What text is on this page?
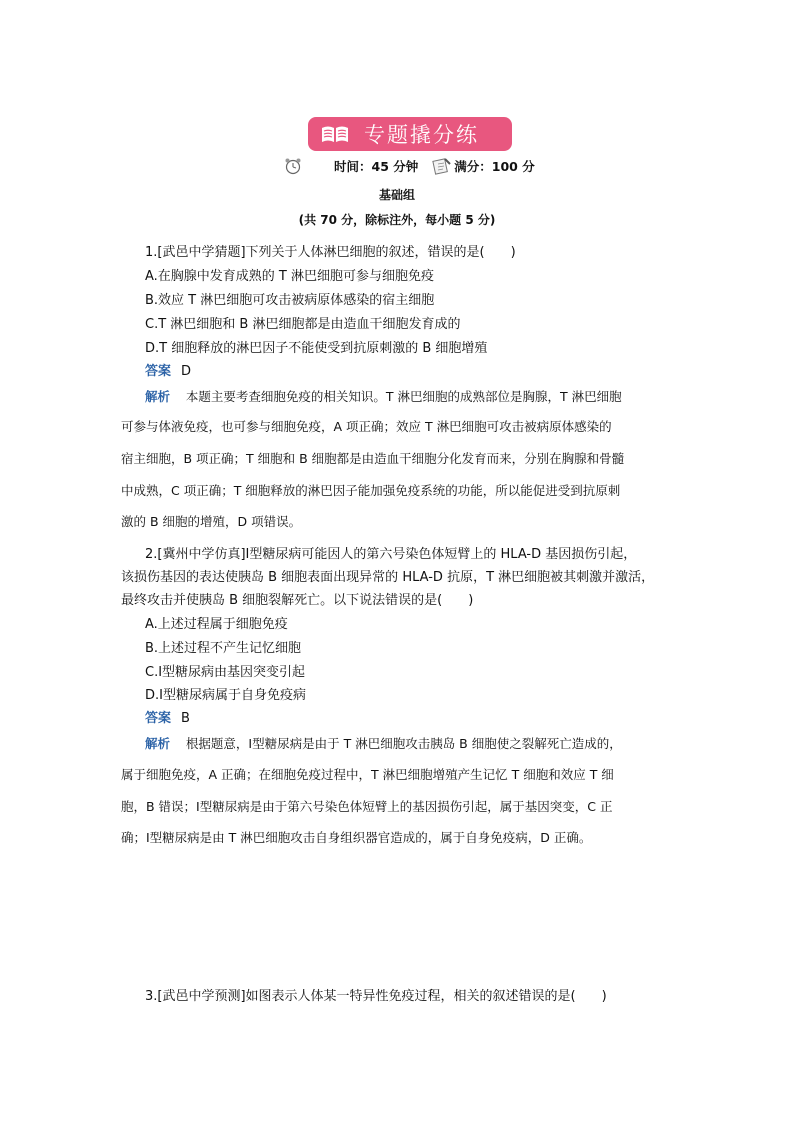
专题撬分练
时间：45 分钟	满分：100 分
基础组
(共 70 分，除标注外，每小题 5 分)
1.[武邑中学猜题]下列关于人体淋巴细胞的叙述，错误的是(　　)
A.在胸腺中发育成熟的 T 淋巴细胞可参与细胞免疫
B.效应 T 淋巴细胞可攻击被病原体感染的宿主细胞
C.T 淋巴细胞和 B 淋巴细胞都是由造血干细胞发育成的
D.T 细胞释放的淋巴因子不能使受到抗原刺激的 B 细胞增殖
答案 D
解析 本题主要考查细胞免疫的相关知识。T 淋巴细胞的成熟部位是胸腺，T 淋巴细胞
可参与体液免疫，也可参与细胞免疫，A 项正确；效应 T 淋巴细胞可攻击被病原体感染的
宿主细胞，B 项正确；T 细胞和 B 细胞都是由造血干细胞分化发育而来，分别在胸腺和骨髓
中成熟，C 项正确；T 细胞释放的淋巴因子能加强免疫系统的功能，所以能促进受到抗原刺
激的 B 细胞的增殖，D 项错误。
2.[冀州中学仿真]Ⅰ型糖尿病可能因人的第六号染色体短臂上的 HLA-D 基因损伤引起，
该损伤基因的表达使胰岛 B 细胞表面出现异常的 HLA-D 抗原，T 淋巴细胞被其刺激并激活，
最终攻击并使胰岛 B 细胞裂解死亡。以下说法错误的是(　　)
A.上述过程属于细胞免疫
B.上述过程不产生记忆细胞
C.Ⅰ型糖尿病由基因突变引起
D.Ⅰ型糖尿病属于自身免疫病
答案 B
解析 根据题意，Ⅰ型糖尿病是由于 T 淋巴细胞攻击胰岛 B 细胞使之裂解死亡造成的，
属于细胞免疫，A 正确；在细胞免疫过程中，T 淋巴细胞增殖产生记忆 T 细胞和效应 T 细
胞，B 错误；Ⅰ型糖尿病是由于第六号染色体短臂上的基因损伤引起，属于基因突变，C 正
确；Ⅰ型糖尿病是由 T 淋巴细胞攻击自身组织器官造成的，属于自身免疫病，D 正确。
3.[武邑中学预测]如图表示人体某一特异性免疫过程，相关的叙述错误的是(　　)
